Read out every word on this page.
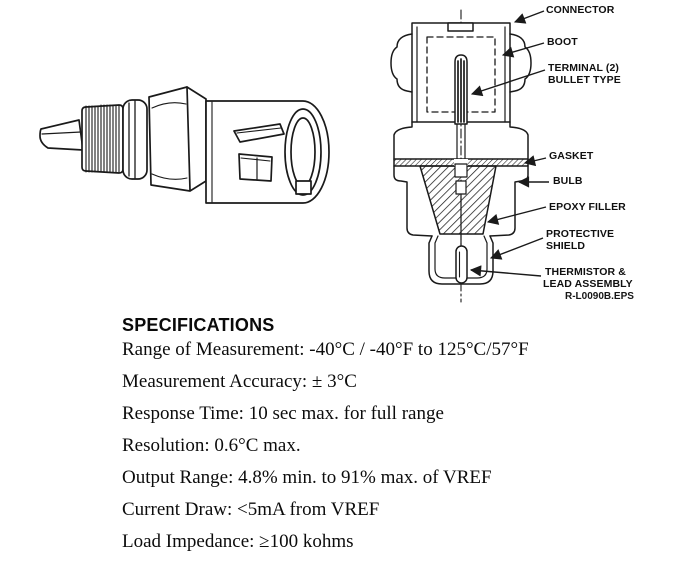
CONNECTOR
BOOT
TERMINAL (2)
BULLET TYPE
GASKET
BULB
EPOXY FILLER
PROTECTIVE
SHIELD
THERMISTOR &
LEAD ASSEMBLY
R-L0090B.EPS
SPECIFICATIONS
Range of Measurement: -40°C / -40°F to 125°C/57°F
Measurement Accuracy: ± 3°C
Response Time: 10 sec max. for full range
Resolution: 0.6°C max.
Output Range: 4.8% min. to 91% max. of VREF
Current Draw: <5mA from VREF
Load Impedance: ≥100 kohms
